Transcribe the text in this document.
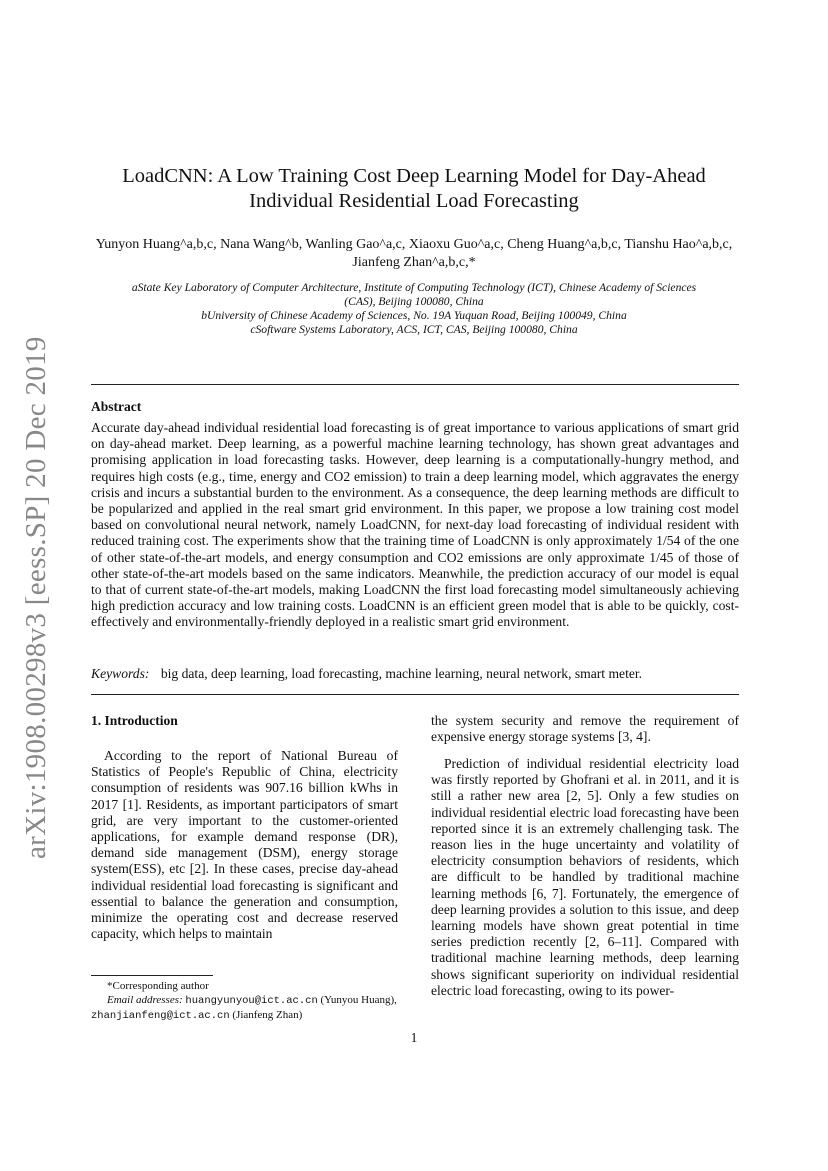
arXiv:1908.00298v3 [eess.SP] 20 Dec 2019
LoadCNN: A Low Training Cost Deep Learning Model for Day-Ahead
Individual Residential Load Forecasting
Yunyon Huang^a,b,c, Nana Wang^b, Wanling Gao^a,c, Xiaoxu Guo^a,c, Cheng Huang^a,b,c, Tianshu Hao^a,b,c,
Jianfeng Zhan^a,b,c,*
aState Key Laboratory of Computer Architecture, Institute of Computing Technology (ICT), Chinese Academy of Sciences
(CAS), Beijing 100080, China
bUniversity of Chinese Academy of Sciences, No. 19A Yuquan Road, Beijing 100049, China
cSoftware Systems Laboratory, ACS, ICT, CAS, Beijing 100080, China
Abstract
Accurate day-ahead individual residential load forecasting is of great importance to various applications of smart grid on day-ahead market. Deep learning, as a powerful machine learning technology, has shown great advantages and promising application in load forecasting tasks. However, deep learning is a computationally-hungry method, and requires high costs (e.g., time, energy and CO2 emission) to train a deep learning model, which aggravates the energy crisis and incurs a substantial burden to the environment. As a consequence, the deep learning methods are difficult to be popularized and applied in the real smart grid environment. In this paper, we propose a low training cost model based on convolutional neural network, namely LoadCNN, for next-day load forecasting of individual resident with reduced training cost. The experiments show that the training time of LoadCNN is only approximately 1/54 of the one of other state-of-the-art models, and energy consumption and CO2 emissions are only approximate 1/45 of those of other state-of-the-art models based on the same indicators. Meanwhile, the prediction accuracy of our model is equal to that of current state-of-the-art models, making LoadCNN the first load forecasting model simultaneously achieving high prediction accuracy and low training costs. LoadCNN is an efficient green model that is able to be quickly, cost-effectively and environmentally-friendly deployed in a realistic smart grid environment.
Keywords: big data, deep learning, load forecasting, machine learning, neural network, smart meter.
1. Introduction
According to the report of National Bureau of Statistics of People's Republic of China, electricity consumption of residents was 907.16 billion kWhs in 2017 [1]. Residents, as important participators of smart grid, are very important to the customer-oriented applications, for example demand response (DR), demand side management (DSM), energy storage system(ESS), etc [2]. In these cases, precise day-ahead individual residential load forecasting is significant and essential to balance the generation and consumption, minimize the operating cost and decrease reserved capacity, which helps to maintain
the system security and remove the requirement of expensive energy storage systems [3, 4].
Prediction of individual residential electricity load was firstly reported by Ghofrani et al. in 2011, and it is still a rather new area [2, 5]. Only a few studies on individual residential electric load forecasting have been reported since it is an extremely challenging task. The reason lies in the huge uncertainty and volatility of electricity consumption behaviors of residents, which are difficult to be handled by traditional machine learning methods [6, 7]. Fortunately, the emergence of deep learning provides a solution to this issue, and deep learning models have shown great potential in time series prediction recently [2, 6–11]. Compared with traditional machine learning methods, deep learning shows significant superiority on individual residential electric load forecasting, owing to its power-
*Corresponding author
Email addresses: huangyunyou@ict.ac.cn (Yunyou Huang), zhanjianfeng@ict.ac.cn (Jianfeng Zhan)
1
